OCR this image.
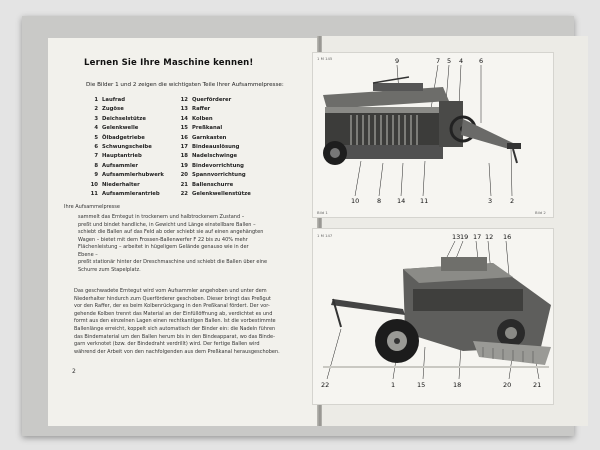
Lernen Sie Ihre Maschine kennen!
Die Bilder 1 und 2 zeigen die wichtigsten Teile Ihrer Aufsammelpresse:
1 Laufrad
2 Zugöse
3 Deichselstütze
4 Gelenkwelle
5 Ölbadgetriebe
6 Schwungscheibe
7 Hauptantrieb
8 Aufsammler
9 Aufsammlerhubwerk
10 Niederhalter
11 Aufsammlerantrieb
12 Querförderer
13 Raffer
14 Kolben
15 Preßkanal
16 Garnkasten
17 Bindeauslösung
18 Nadelschwinge
19 Bindevorrichtung
20 Spannvorrichtung
21 Ballenschurre
22 Gelenkwellenstütze
Ihre Aufsammelpresse
sammelt das Erntegut in trockenem und halbtrockenem Zustand –
preßt und bindet handliche, in Gewicht und Länge einstellbare Ballen –
schiebt die Ballen auf das Feld ab oder schiebt sie auf einen angehängten
Wagen – bietet mit dem Frossen-Ballenwerfer F 22 bis zu 40% mehr
Flächenleistung – arbeitet in hügeligem Gelände genauso wie in der
Ebene –
preßt stationär hinter der Dreschmaschine und schiebt die Ballen über eine
Schurre zum Stapelplatz.
Das geschwadete Erntegut wird vom Aufsammler angehoben und unter dem
Niederhalter hindurch zum Querförderer geschoben. Dieser bringt das Preßgut
vor den Raffer, der es beim Kolbenrückgang in den Preßkanal fördert. Der vor-
gehende Kolben trennt das Material an der Einfüllöffnung ab, verdichtet es und
formt aus den einzelnen Lagen einen rechtkantigen Ballen. Ist die vorbestimmte
Ballenlänge erreicht, koppelt sich automatisch der Binder ein: die Nadeln führen
das Bindematerial um den Ballen herum bis in den Bindeapparat, wo das Binde-
garn verknotet (bzw. der Bindedraht verdrillt) wird. Der fertige Ballen wird
während der Arbeit von den nachfolgenden aus dem Preßkanal herausgeschoben.
2
1 M 145	9	7 5 4 6
10	8 14 11	3	2
Bild 1	Bild 2
1 M 147	13 19 17 12 16
22	1	15	18	20	21
